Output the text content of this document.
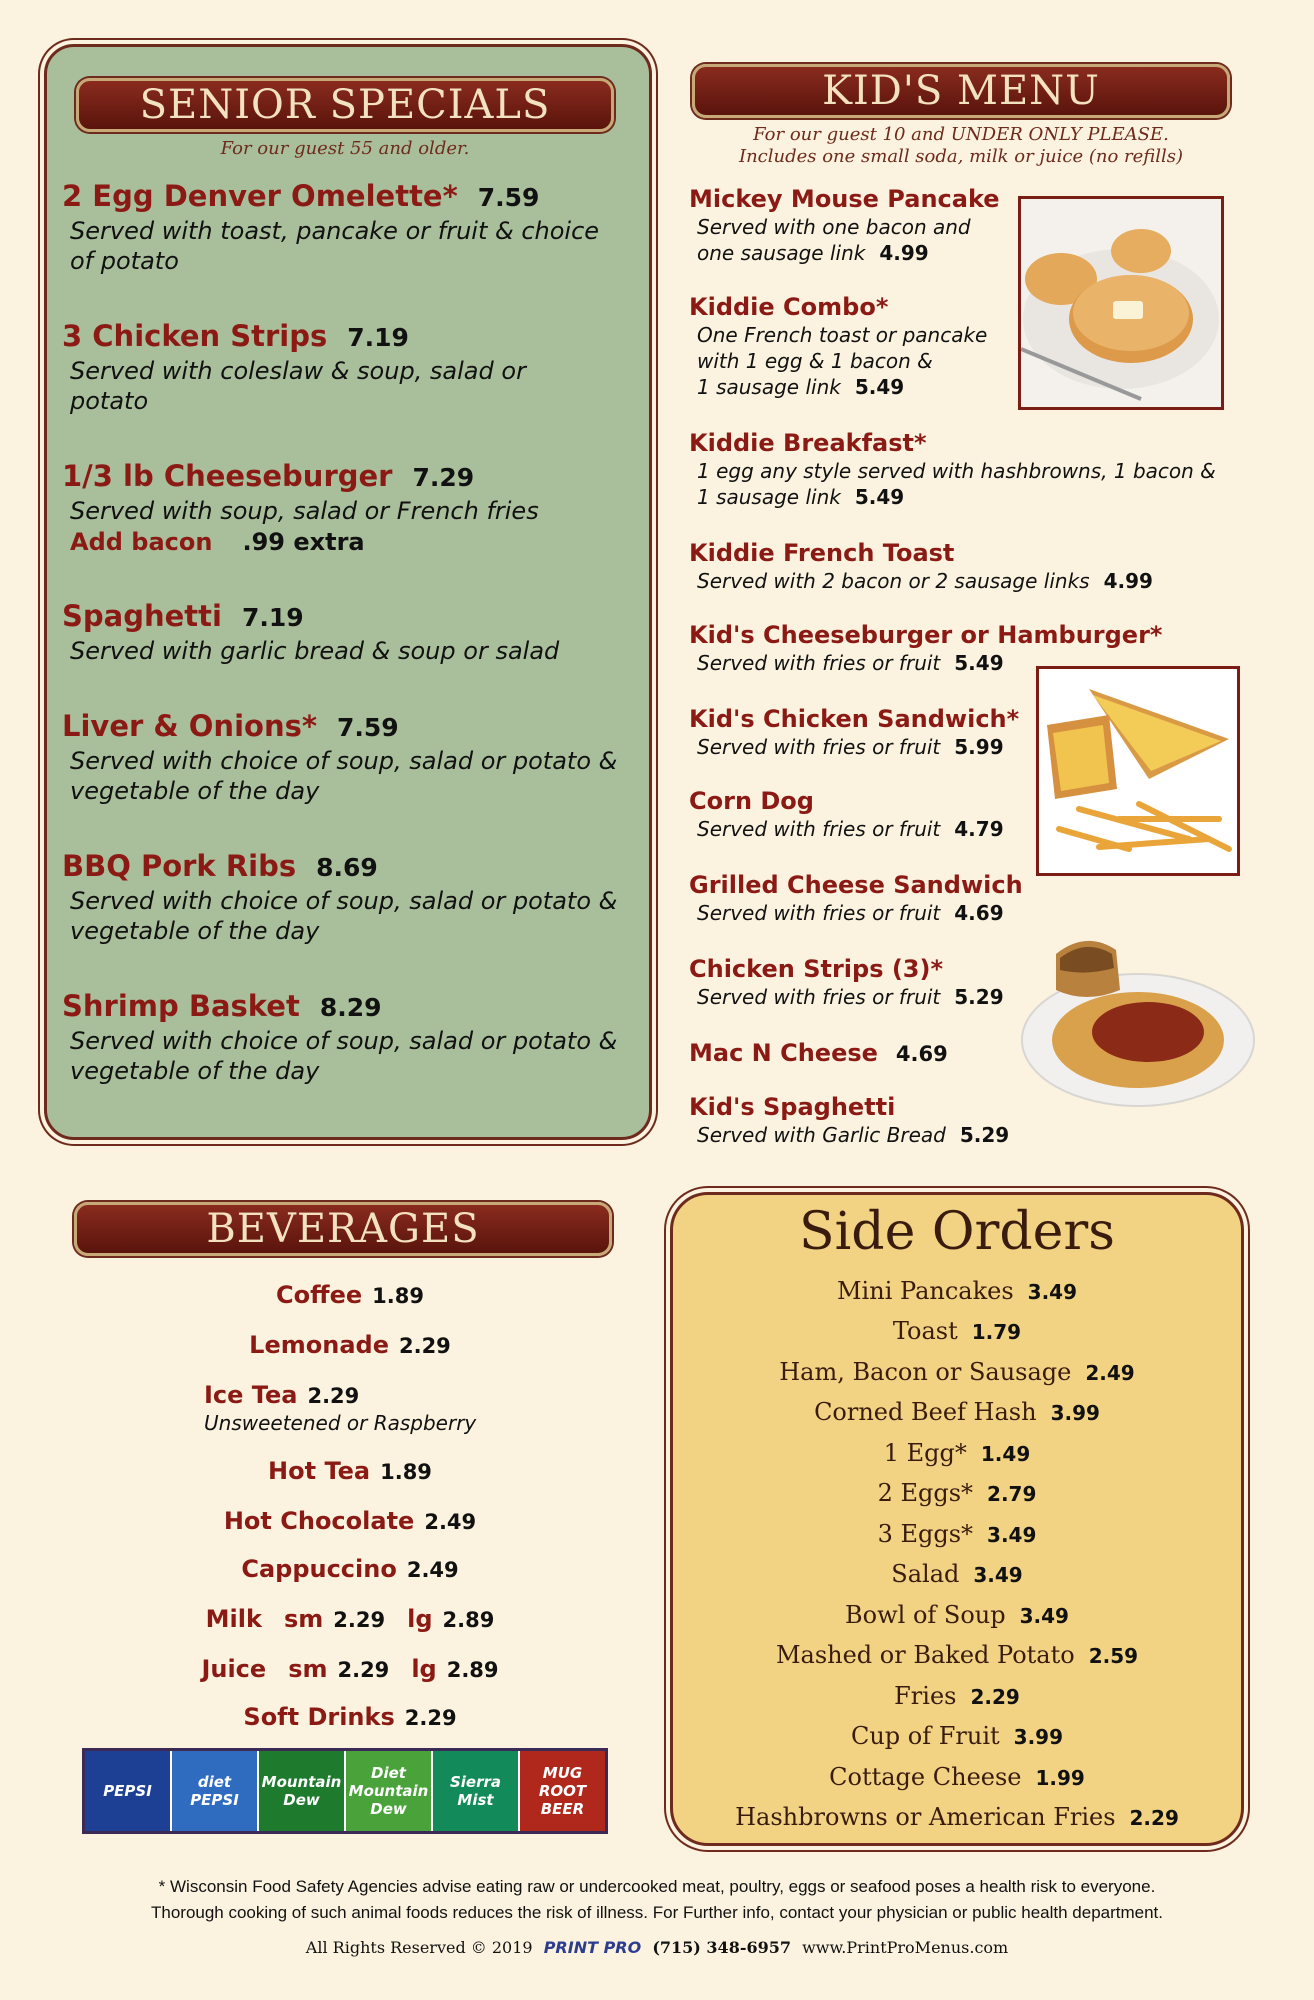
SENIOR SPECIALS
For our guest 55 and older.
2 Egg Denver Omelette* 7.59
Served with toast, pancake or fruit & choice
of potato
3 Chicken Strips 7.19
Served with coleslaw & soup, salad or
potato
1/3 lb Cheeseburger 7.29
Served with soup, salad or French fries
Add bacon .99 extra
Spaghetti 7.19
Served with garlic bread & soup or salad
Liver & Onions* 7.59
Served with choice of soup, salad or potato &
vegetable of the day
BBQ Pork Ribs 8.69
Served with choice of soup, salad or potato &
vegetable of the day
Shrimp Basket 8.29
Served with choice of soup, salad or potato &
vegetable of the day
KID'S MENU
For our guest 10 and UNDER ONLY PLEASE.
Includes one small soda, milk or juice (no refills)
Mickey Mouse Pancake
Served with one bacon and
one sausage link 4.99
Kiddie Combo*
One French toast or pancake
with 1 egg & 1 bacon &
1 sausage link 5.49
Kiddie Breakfast*
1 egg any style served with hashbrowns, 1 bacon &
1 sausage link 5.49
Kiddie French Toast
Served with 2 bacon or 2 sausage links 4.99
Kid's Cheeseburger or Hamburger*
Served with fries or fruit 5.49
Kid's Chicken Sandwich*
Served with fries or fruit 5.99
Corn Dog
Served with fries or fruit 4.79
Grilled Cheese Sandwich
Served with fries or fruit 4.69
Chicken Strips (3)*
Served with fries or fruit 5.29
Mac N Cheese 4.69
Kid's Spaghetti
Served with Garlic Bread 5.29
BEVERAGES
Coffee 1.89
Lemonade 2.29
Ice Tea 2.29
Unsweetened or Raspberry
Hot Tea 1.89
Hot Chocolate 2.49
Cappuccino 2.49
Milk sm 2.29 lg 2.89
Juice sm 2.29 lg 2.89
Soft Drinks 2.29
PEPSI	diet PEPSI
Mountain Dew
Diet Mountain Dew
Sierra Mist
MUG ROOT BEER
Side Orders
Mini Pancakes 3.49
Toast 1.79
Ham, Bacon or Sausage 2.49
Corned Beef Hash 3.99
1 Egg* 1.49
2 Eggs* 2.79
3 Eggs* 3.49
Salad 3.49
Bowl of Soup 3.49
Mashed or Baked Potato 2.59
Fries 2.29
Cup of Fruit 3.99
Cottage Cheese 1.99
Hashbrowns or American Fries 2.29
* Wisconsin Food Safety Agencies advise eating raw or undercooked meat, poultry, eggs or seafood poses a health risk to everyone.
Thorough cooking of such animal foods reduces the risk of illness. For Further info, contact your physician or public health department.
All Rights Reserved © 2019 PRINT PRO (715) 348-6957 www.PrintProMenus.com
